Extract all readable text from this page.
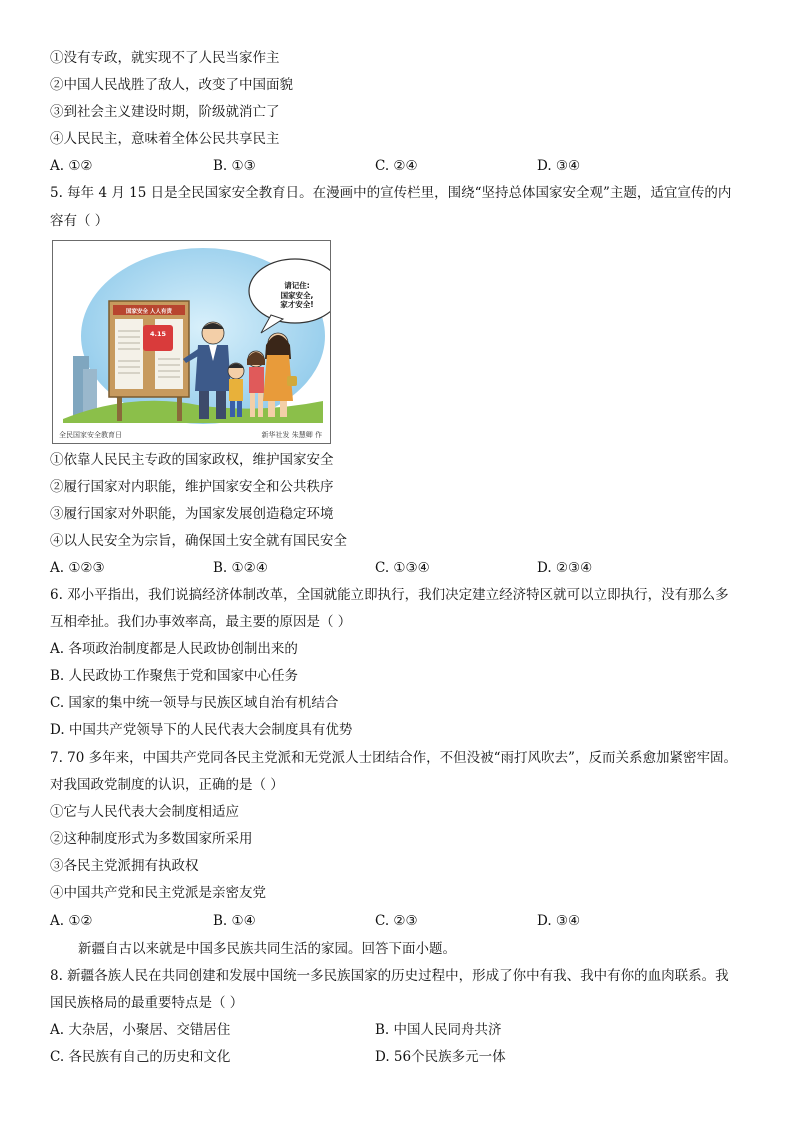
①没有专政，就实现不了人民当家作主
②中国人民战胜了敌人，改变了中国面貌
③到社会主义建设时期，阶级就消亡了
④人民民主，意味着全体公民共享民主
A. ①②	B. ①③	C. ②④	D. ③④
5. 每年 4 月 15 日是全民国家安全教育日。在漫画中的宣传栏里，围绕“坚持总体国家安全观”主题，适宜宣传的内
容有（ ）
国家安全 人人有责
4.15
请记住:
国家安全,
家才安全!
全民国家安全教育日	新华社发 朱慧卿 作
①依靠人民民主专政的国家政权，维护国家安全
②履行国家对内职能，维护国家安全和公共秩序
③履行国家对外职能，为国家发展创造稳定环境
④以人民安全为宗旨，确保国土安全就有国民安全
A. ①②③	B. ①②④	C. ①③④	D. ②③④
6. 邓小平指出，我们说搞经济体制改革，全国就能立即执行，我们决定建立经济特区就可以立即执行，没有那么多
互相牵扯。我们办事效率高，最主要的原因是（ ）
A. 各项政治制度都是人民政协创制出来的
B. 人民政协工作聚焦于党和国家中心任务
C. 国家的集中统一领导与民族区域自治有机结合
D. 中国共产党领导下的人民代表大会制度具有优势
7. 70 多年来，中国共产党同各民主党派和无党派人士团结合作，不但没被“雨打风吹去”，反而关系愈加紧密牢固。
对我国政党制度的认识，正确的是（ ）
①它与人民代表大会制度相适应
②这种制度形式为多数国家所采用
③各民主党派拥有执政权
④中国共产党和民主党派是亲密友党
A. ①②	B. ①④	C. ②③	D. ③④
新疆自古以来就是中国多民族共同生活的家园。回答下面小题。
8. 新疆各族人民在共同创建和发展中国统一多民族国家的历史过程中，形成了你中有我、我中有你的血肉联系。我
国民族格局的最重要特点是（ ）
A. 大杂居，小聚居、交错居住	B. 中国人民同舟共济
C. 各民族有自己的历史和文化	D. 56个民族多元一体
